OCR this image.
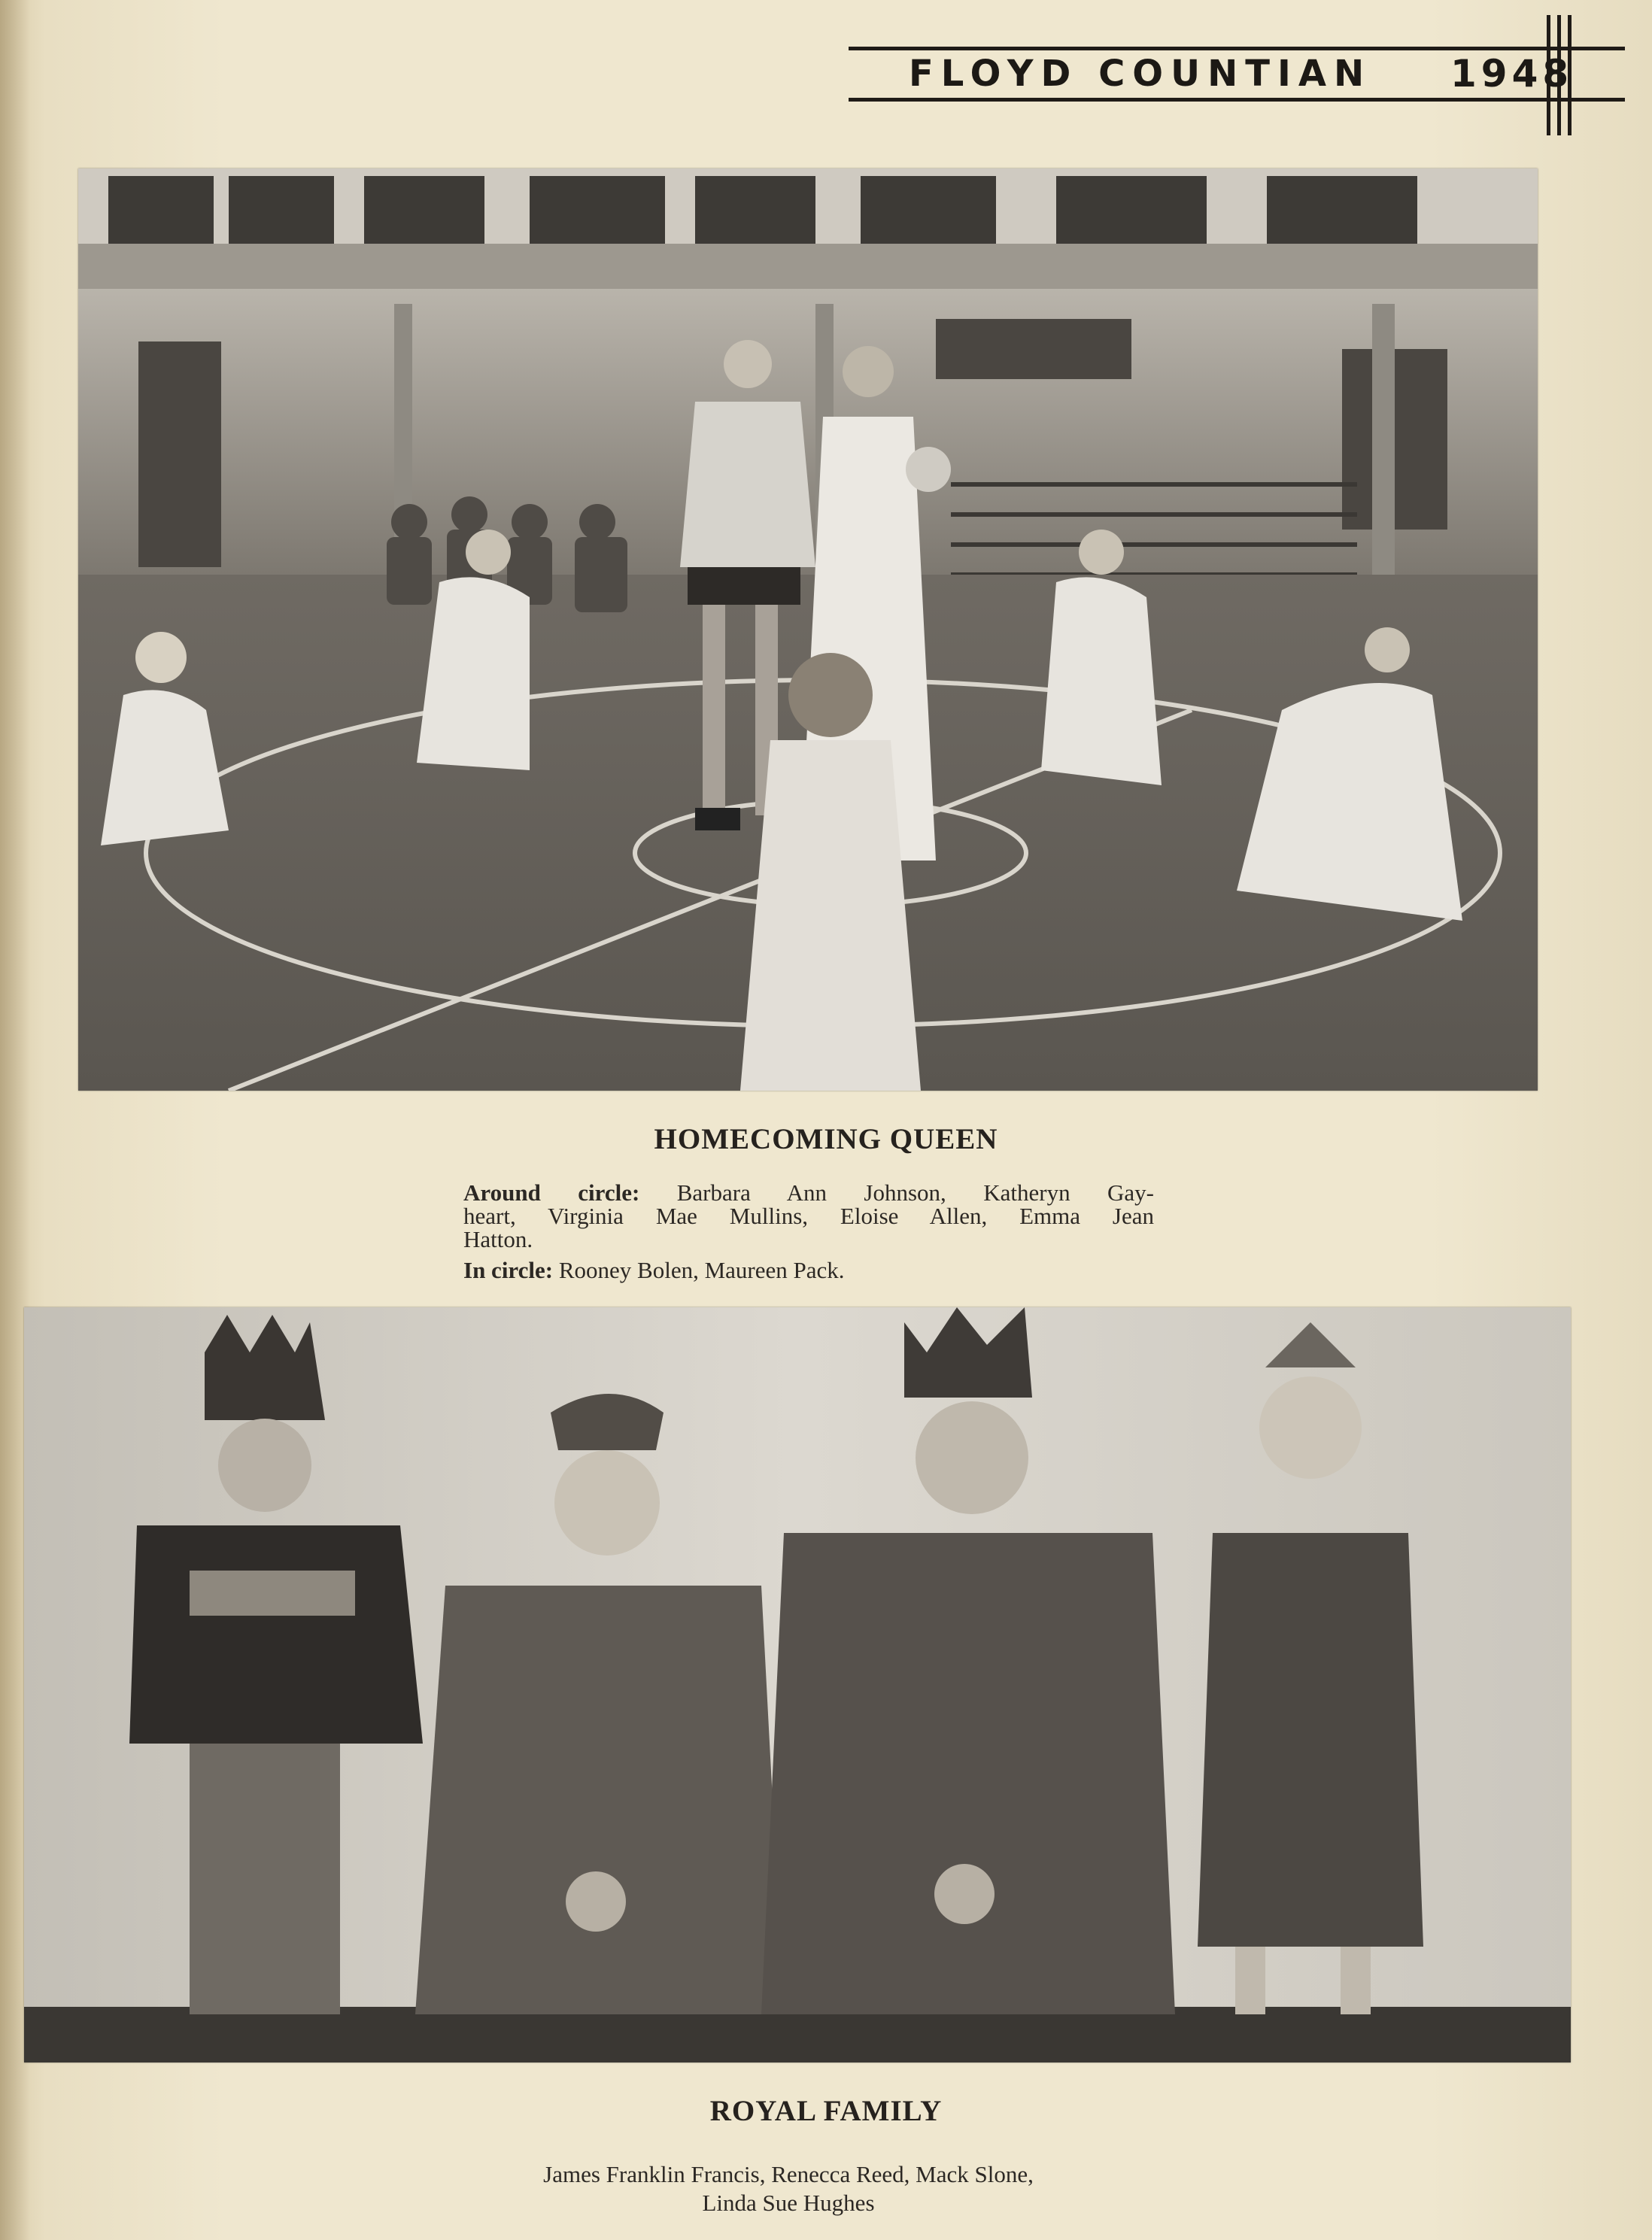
FLOYD COUNTIAN 1948
HOMECOMING QUEEN
Around circle: Barbara Ann Johnson, Katheryn Gay-
heart, Virginia Mae Mullins, Eloise Allen, Emma Jean
Hatton.
In circle: Rooney Bolen, Maureen Pack.
ROYAL FAMILY
James Franklin Francis, Renecca Reed, Mack Slone,
Linda Sue Hughes
